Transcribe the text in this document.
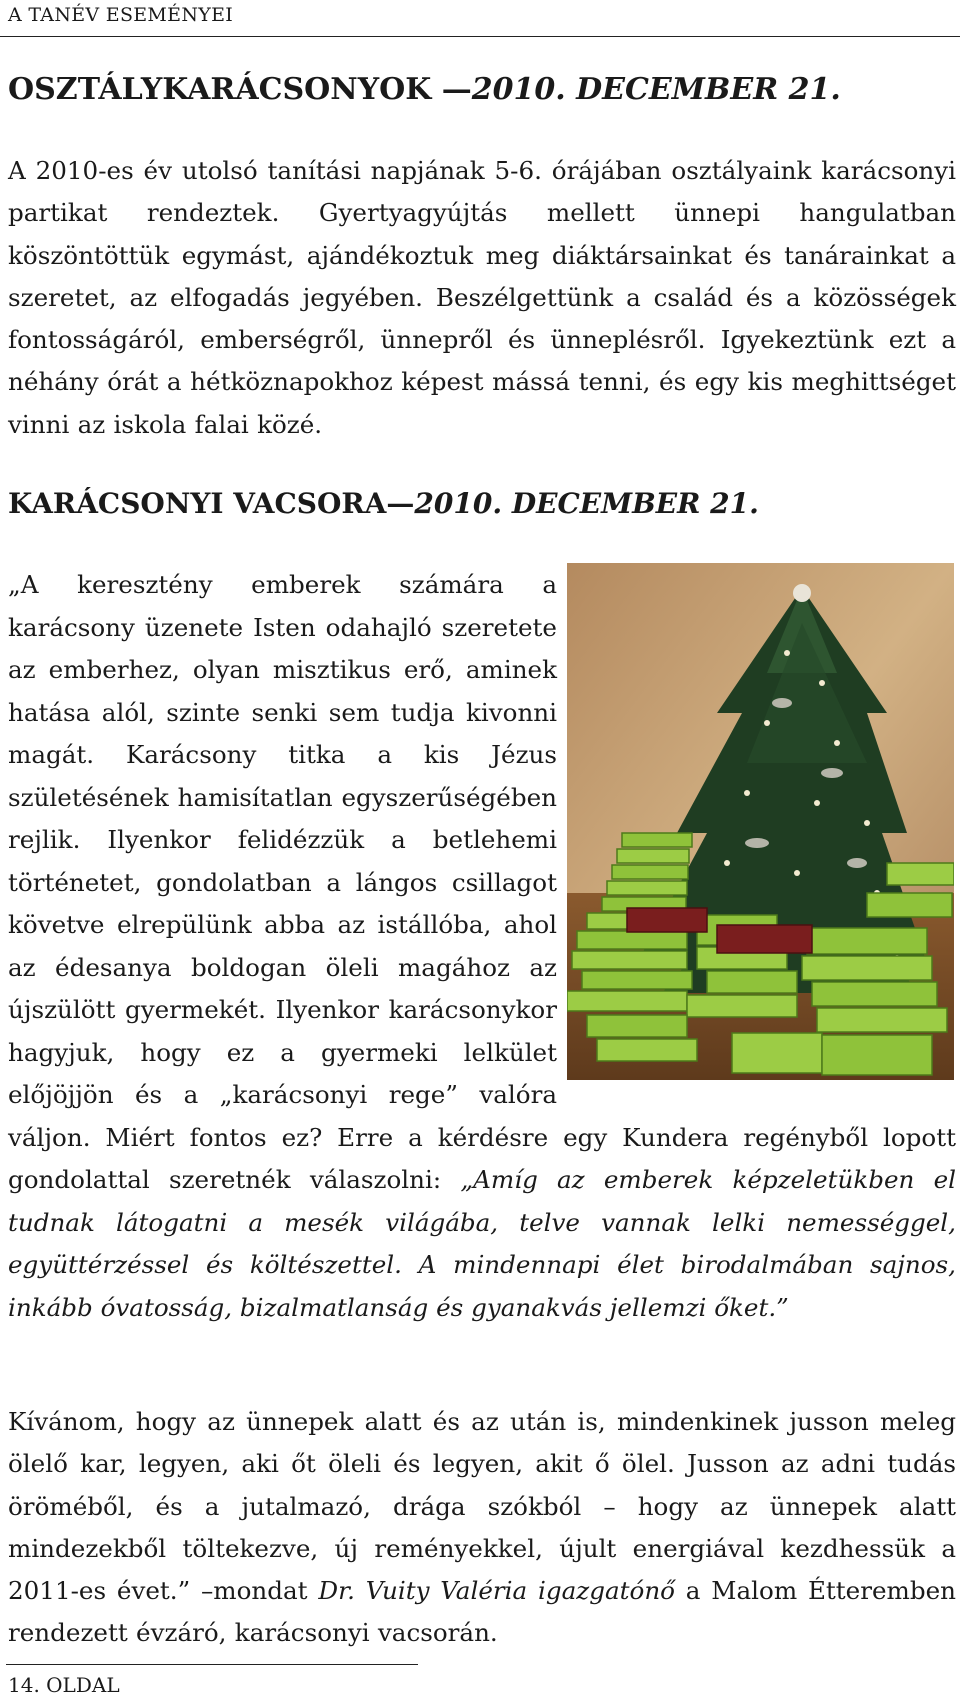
A TANÉV ESEMÉNYEI
OSZTÁLYKARÁCSONYOK —2010. DECEMBER 21.

A 2010-es év utolsó tanítási napjának 5-6. órájában osztályaink karácsonyi partikat rendeztek. Gyertyagyújtás mellett ünnepi hangulatban köszöntöttük egymást, ajándékoztuk meg diáktársainkat és tanárainkat a szeretet, az elfogadás jegyében. Beszélgettünk a család és a közösségek fontosságáról, emberségről, ünnepről és ünneplésről. Igyekeztünk ezt a néhány órát a hétköznapokhoz képest mássá tenni, és egy kis meghittséget vinni az iskola falai közé.

KARÁCSONYI VACSORA—2010. DECEMBER 21.

„A keresztény emberek számára a karácsony üzenete Isten odahajló szeretete az emberhez, olyan misztikus erő, aminek hatása alól, szinte senki sem tudja kivonni magát. Karácsony titka a kis Jézus születésének hamisítatlan egyszerűségében rejlik. Ilyenkor felidézzük a betlehemi történetet, gondolatban a lángos csillagot követve elrepülünk abba az istállóba, ahol az édesanya boldogan öleli magához az újszülött gyermekét. Ilyenkor karácsonykor hagyjuk, hogy ez a gyermeki lelkület előjöjjön és a „karácsonyi rege” valóra váljon. Miért fontos ez? Erre a kérdésre egy Kundera regényből lopott gondolattal szeretnék válaszolni: „Amíg az emberek képzeletükben el tudnak látogatni a mesék világába, telve vannak lelki nemességgel, együttérzéssel és költészettel. A mindennapi élet birodalmában sajnos, inkább óvatosság, bizalmatlanság és gyanakvás jellemzi őket.”

Kívánom, hogy az ünnepek alatt és az után is, mindenkinek jusson meleg ölelő kar, legyen, aki őt öleli és legyen, akit ő ölel. Jusson az adni tudás öröméből, és a jutalmazó, drága szókból – hogy az ünnepek alatt mindezekből töltekezve, új reményekkel, újult energiával kezdhessük a 2011-es évet.” –mondat Dr. Vuity Valéria igazgatónő a Malom Étteremben rendezett évzáró, karácsonyi vacsorán.

14. OLDAL
